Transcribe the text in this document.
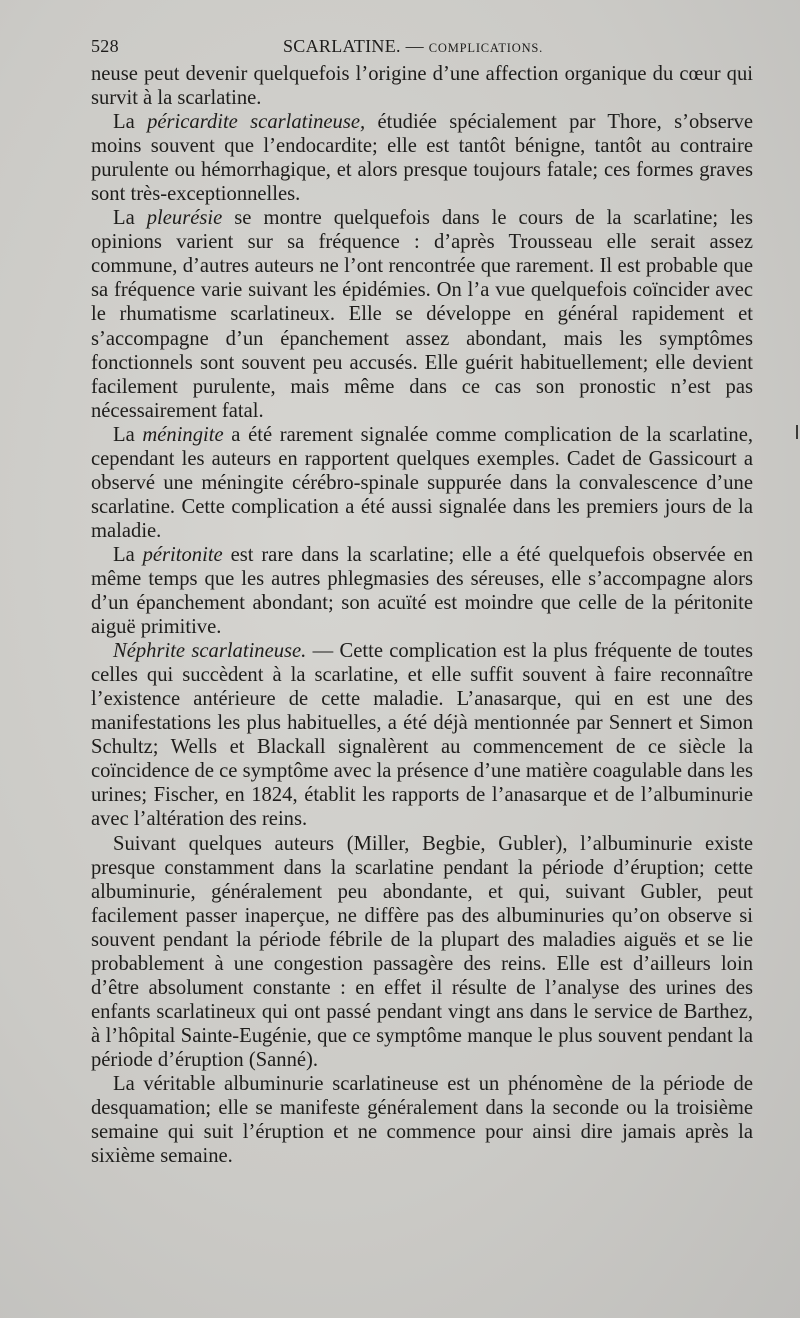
528	SCARLATINE. — COMPLICATIONS.

neuse peut devenir quelquefois l’origine d’une affection organique du cœur qui survit à la scarlatine.

La péricardite scarlatineuse, étudiée spécialement par Thore, s’observe moins souvent que l’endocardite; elle est tantôt bénigne, tantôt au contraire purulente ou hémorrhagique, et alors presque toujours fatale; ces formes graves sont très-exceptionnelles.

La pleurésie se montre quelquefois dans le cours de la scarlatine; les opinions varient sur sa fréquence : d’après Trousseau elle serait assez commune, d’autres auteurs ne l’ont rencontrée que rarement. Il est probable que sa fréquence varie suivant les épidémies. On l’a vue quelquefois coïncider avec le rhumatisme scarlatineux. Elle se développe en général rapidement et s’accompagne d’un épanchement assez abondant, mais les symptômes fonctionnels sont souvent peu accusés. Elle guérit habituellement; elle devient facilement purulente, mais même dans ce cas son pronostic n’est pas nécessairement fatal.

La méningite a été rarement signalée comme complication de la scarlatine, cependant les auteurs en rapportent quelques exemples. Cadet de Gassicourt a observé une méningite cérébro-spinale suppurée dans la convalescence d’une scarlatine. Cette complication a été aussi signalée dans les premiers jours de la maladie.

La péritonite est rare dans la scarlatine; elle a été quelquefois observée en même temps que les autres phlegmasies des séreuses, elle s’accompagne alors d’un épanchement abondant; son acuïté est moindre que celle de la péritonite aiguë primitive.

Néphrite scarlatineuse. — Cette complication est la plus fréquente de toutes celles qui succèdent à la scarlatine, et elle suffit souvent à faire reconnaître l’existence antérieure de cette maladie. L’anasarque, qui en est une des manifestations les plus habituelles, a été déjà mentionnée par Sennert et Simon Schultz; Wells et Blackall signalèrent au commencement de ce siècle la coïncidence de ce symptôme avec la présence d’une matière coagulable dans les urines; Fischer, en 1824, établit les rapports de l’anasarque et de l’albuminurie avec l’altération des reins.

Suivant quelques auteurs (Miller, Begbie, Gubler), l’albuminurie existe presque constamment dans la scarlatine pendant la période d’éruption; cette albuminurie, généralement peu abondante, et qui, suivant Gubler, peut facilement passer inaperçue, ne diffère pas des albuminuries qu’on observe si souvent pendant la période fébrile de la plupart des maladies aiguës et se lie probablement à une congestion passagère des reins. Elle est d’ailleurs loin d’être absolument constante : en effet il résulte de l’analyse des urines des enfants scarlatineux qui ont passé pendant vingt ans dans le service de Barthez, à l’hôpital Sainte-Eugénie, que ce symptôme manque le plus souvent pendant la période d’éruption (Sanné).

La véritable albuminurie scarlatineuse est un phénomène de la période de desquamation; elle se manifeste généralement dans la seconde ou la troisième semaine qui suit l’éruption et ne commence pour ainsi dire jamais après la sixième semaine.
